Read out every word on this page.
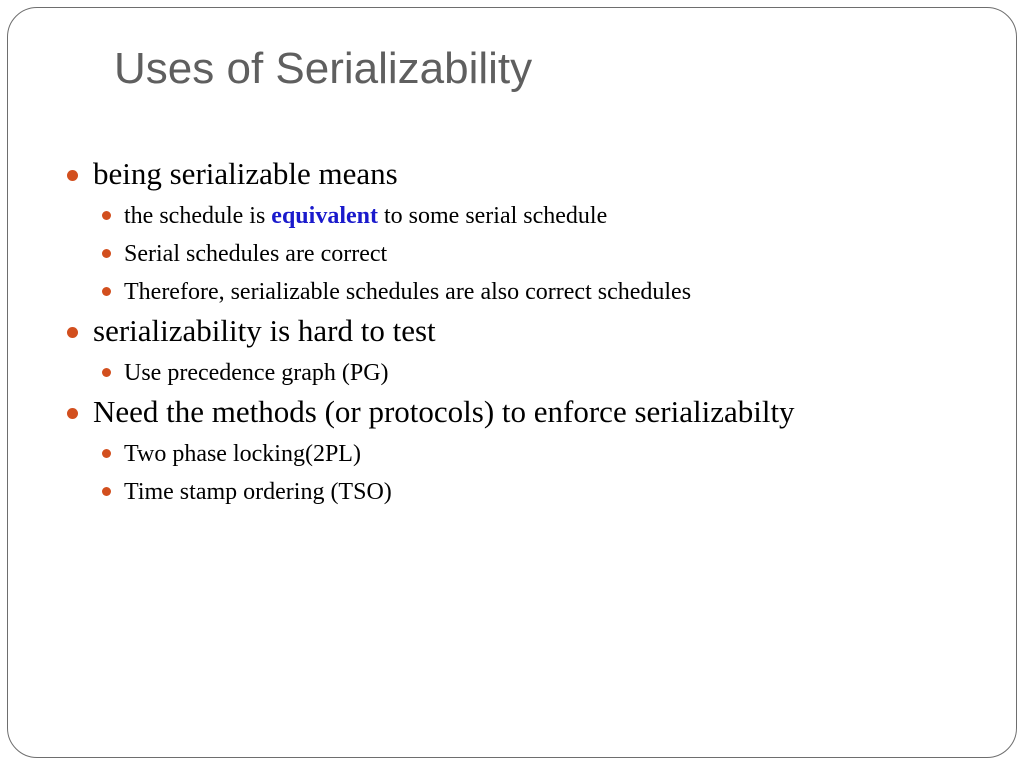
Uses of Serializability
being serializable means
the schedule is equivalent to some serial schedule
Serial schedules are correct
Therefore, serializable schedules are also correct schedules
serializability is hard to test
Use precedence graph (PG)
Need the methods (or protocols) to enforce serializabilty
Two phase locking(2PL)
Time stamp ordering (TSO)
